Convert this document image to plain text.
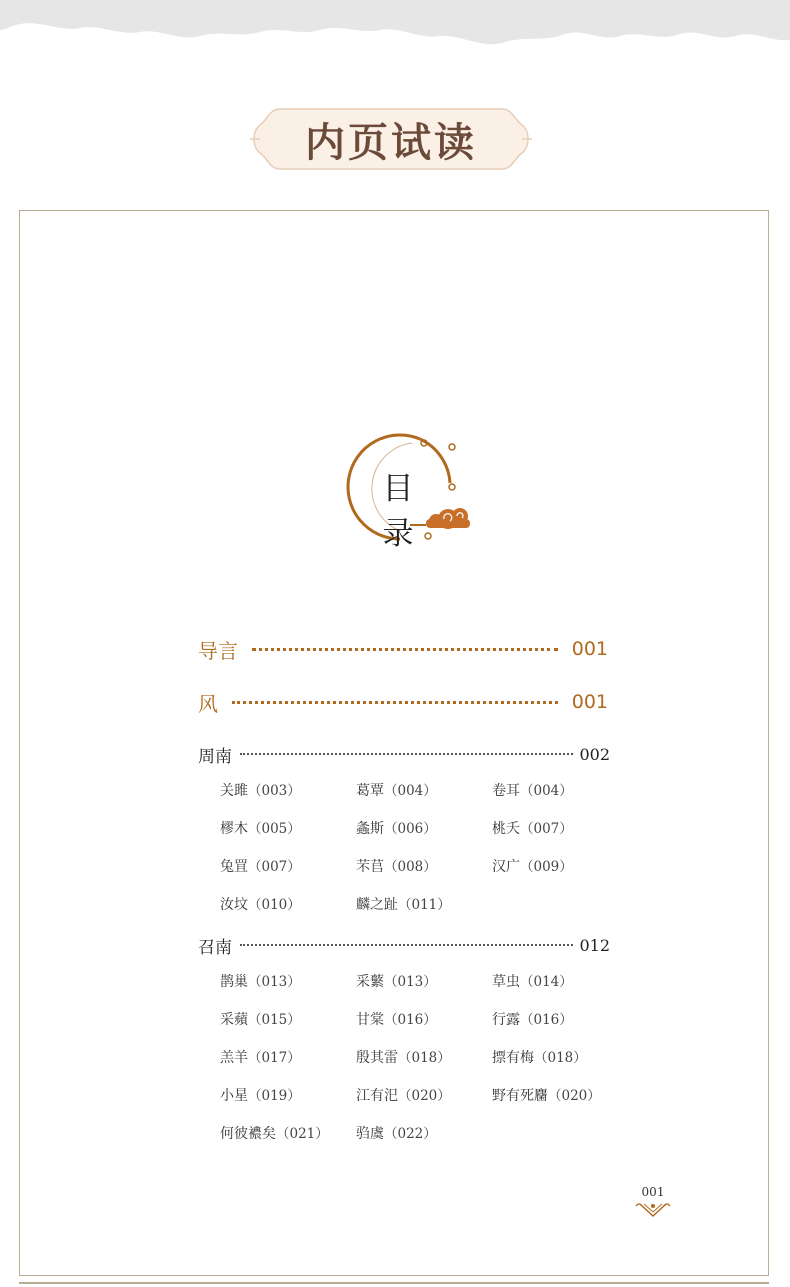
内页试读
目 录
导言	001
风	001
周南	002
关雎（003）	葛覃（004）	卷耳（004）
樛木（005）	螽斯（006）	桃夭（007）
兔罝（007）	芣苢（008）	汉广（009）
汝坟（010）	麟之趾（011）
召南	012
鹊巢（013）	采蘩（013）	草虫（014）
采蘋（015）	甘棠（016）	行露（016）
羔羊（017）	殷其雷（018）	摽有梅（018）
小星（019）	江有汜（020）	野有死麕（020）
何彼襛矣（021）	驺虞（022）
001
